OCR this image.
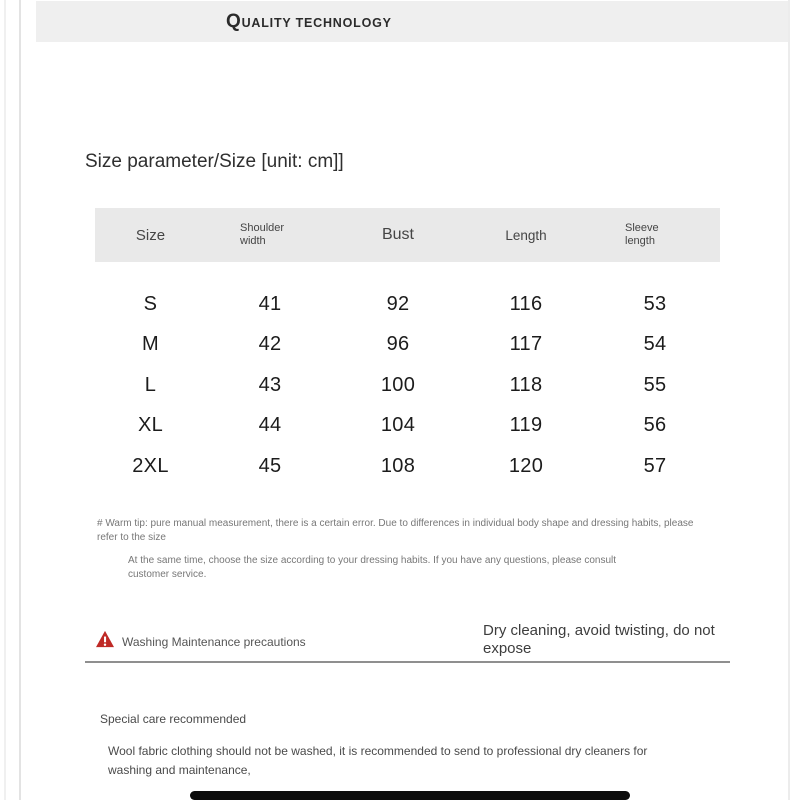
QUALITY TECHNOLOGY

Size parameter/Size [unit: cm]]
Size	Shoulder width	Bust	Length	Sleeve length
S	41	92	116	53
M	42	96	117	54
L	43	100	118	55
XL	44	104	119	56
2XL	45	108	120	57
# Warm tip: pure manual measurement, there is a certain error. Due to differences in individual body shape and dressing habits, please refer to the size
At the same time, choose the size according to your dressing habits. If you have any questions, please consult customer service.
Washing Maintenance precautions
Dry cleaning, avoid twisting, do not expose
Special care recommended
Wool fabric clothing should not be washed, it is recommended to send to professional dry cleaners for washing and maintenance,
